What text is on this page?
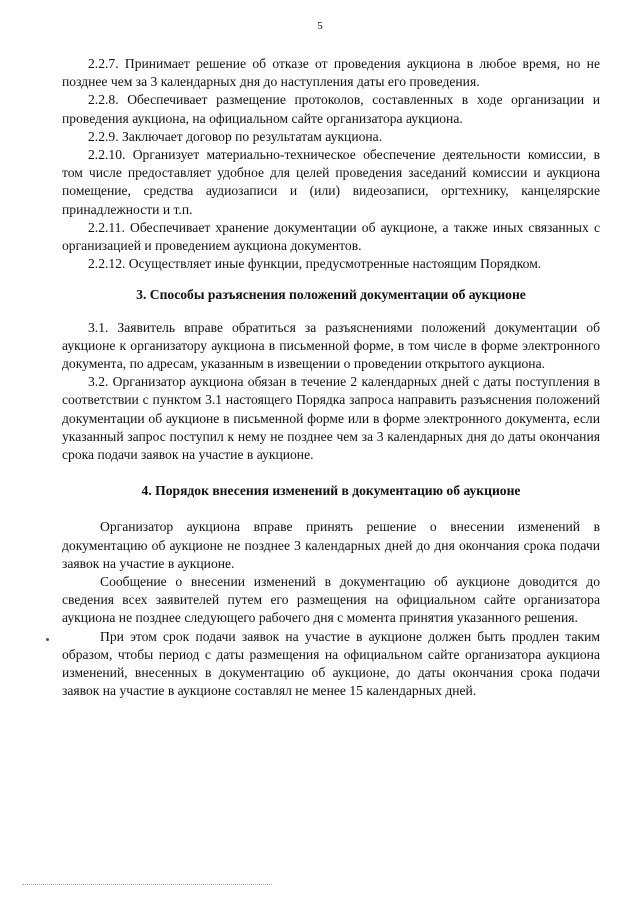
5

2.2.7. Принимает решение об отказе от проведения аукциона в любое время, но не позднее чем за 3 календарных дня до наступления даты его проведения.

2.2.8. Обеспечивает размещение протоколов, составленных в ходе организации и проведения аукциона, на официальном сайте организатора аукциона.

2.2.9. Заключает договор по результатам аукциона.

2.2.10. Организует материально-техническое обеспечение деятельности комиссии, в том числе предоставляет удобное для целей проведения заседаний комиссии и аукциона помещение, средства аудиозаписи и (или) видеозаписи, оргтехнику, канцелярские принадлежности и т.п.

2.2.11. Обеспечивает хранение документации об аукционе, а также иных связанных с организацией и проведением аукциона документов.

2.2.12. Осуществляет иные функции, предусмотренные настоящим Порядком.

3. Способы разъяснения положений документации об аукционе

3.1. Заявитель вправе обратиться за разъяснениями положений документации об аукционе к организатору аукциона в письменной форме, в том числе в форме электронного документа, по адресам, указанным в извещении о проведении открытого аукциона.

3.2. Организатор аукциона обязан в течение 2 календарных дней с даты поступления в соответствии с пунктом 3.1 настоящего Порядка запроса направить разъяснения положений документации об аукционе в письменной форме или в форме электронного документа, если указанный запрос поступил к нему не позднее чем за 3 календарных дня до даты окончания срока подачи заявок на участие в аукционе.

4. Порядок внесения изменений в документацию об аукционе

Организатор аукциона вправе принять решение о внесении изменений в документацию об аукционе не позднее 3 календарных дней до дня окончания срока подачи заявок на участие в аукционе.

Сообщение о внесении изменений в документацию об аукционе доводится до сведения всех заявителей путем его размещения на официальном сайте организатора аукциона не позднее следующего рабочего дня с момента принятия указанного решения.

При этом срок подачи заявок на участие в аукционе должен быть продлен таким образом, чтобы период с даты размещения на официальном сайте организатора аукциона изменений, внесенных в документацию об аукционе, до даты окончания срока подачи заявок на участие в аукционе составлял не менее 15 календарных дней.
